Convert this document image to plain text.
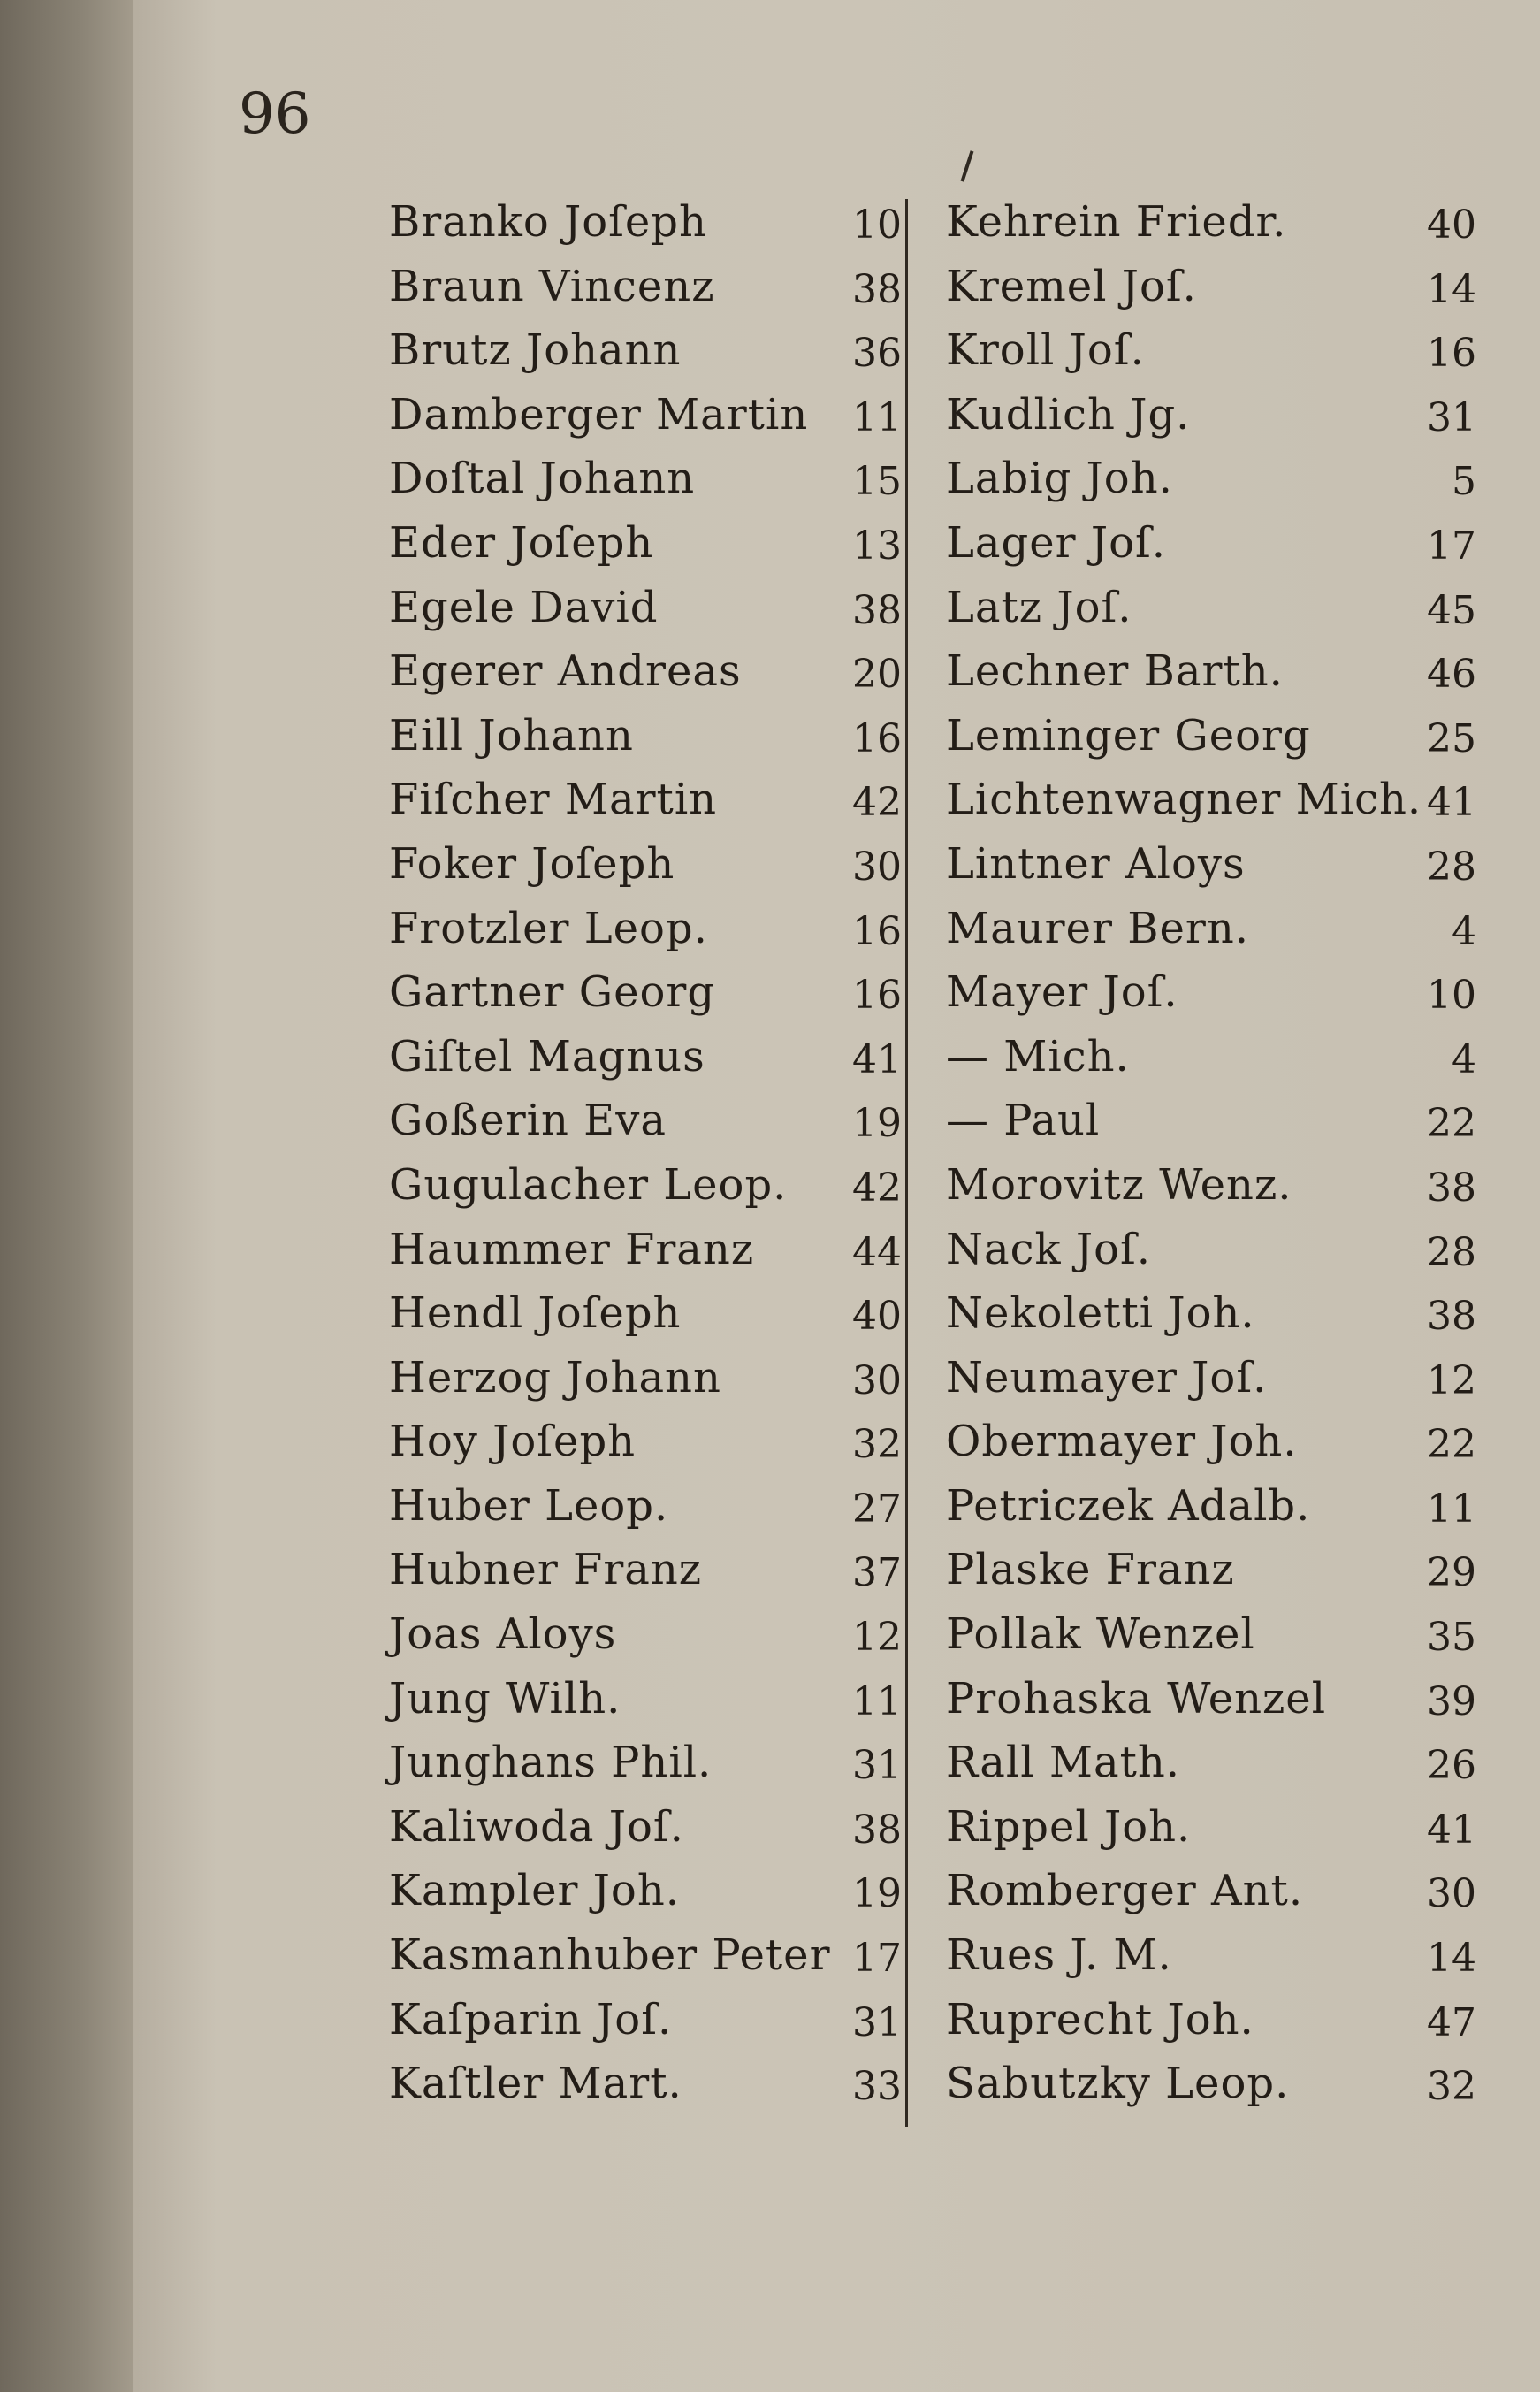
96
Branko Joſeph	10
Braun Vincenz	38
Brutz Johann	36
Damberger Martin	11
Doſtal Johann	15
Eder Joſeph	13
Egele David	38
Egerer Andreas	20
Eill Johann	16
Fiſcher Martin	42
Foker Joſeph	30
Frotzler Leop.	16
Gartner Georg	16
Giſtel Magnus	41
Goßerin Eva	19
Gugulacher Leop.	42
Haummer Franz	44
Hendl Joſeph	40
Herzog Johann	30
Hoy Joſeph	32
Huber Leop.	27
Hubner Franz	37
Joas Aloys	12
Jung Wilh.	11
Junghans Phil.	31
Kaliwoda Joſ.	38
Kampler Joh.	19
Kasmanhuber Peter 17
Kaſparin Joſ.	31
Kaſtler Mart.	33
Kehrein Friedr.	40
Kremel Joſ.	14
Kroll Joſ.	16
Kudlich Jg.	31
Labig Joh.	5
Lager Joſ.	17
Latz Joſ.	45
Lechner Barth.	46
Leminger Georg	25
Lichtenwagner Mich. 41
Lintner Aloys	28
Maurer Bern.	4
Mayer Joſ.	10
— Mich.	4
— Paul	22
Morovitz Wenz.	38
Nack Joſ.	28
Nekoletti Joh.	38
Neumayer Joſ.	12
Obermayer Joh.	22
Petriczek Adalb.	11
Plaske Franz	29
Pollak Wenzel	35
Prohaska Wenzel	39
Rall Math.	26
Rippel Joh.	41
Romberger Ant.	30
Rues J. M.	14
Ruprecht Joh.	47
Sabutzky Leop.	32
